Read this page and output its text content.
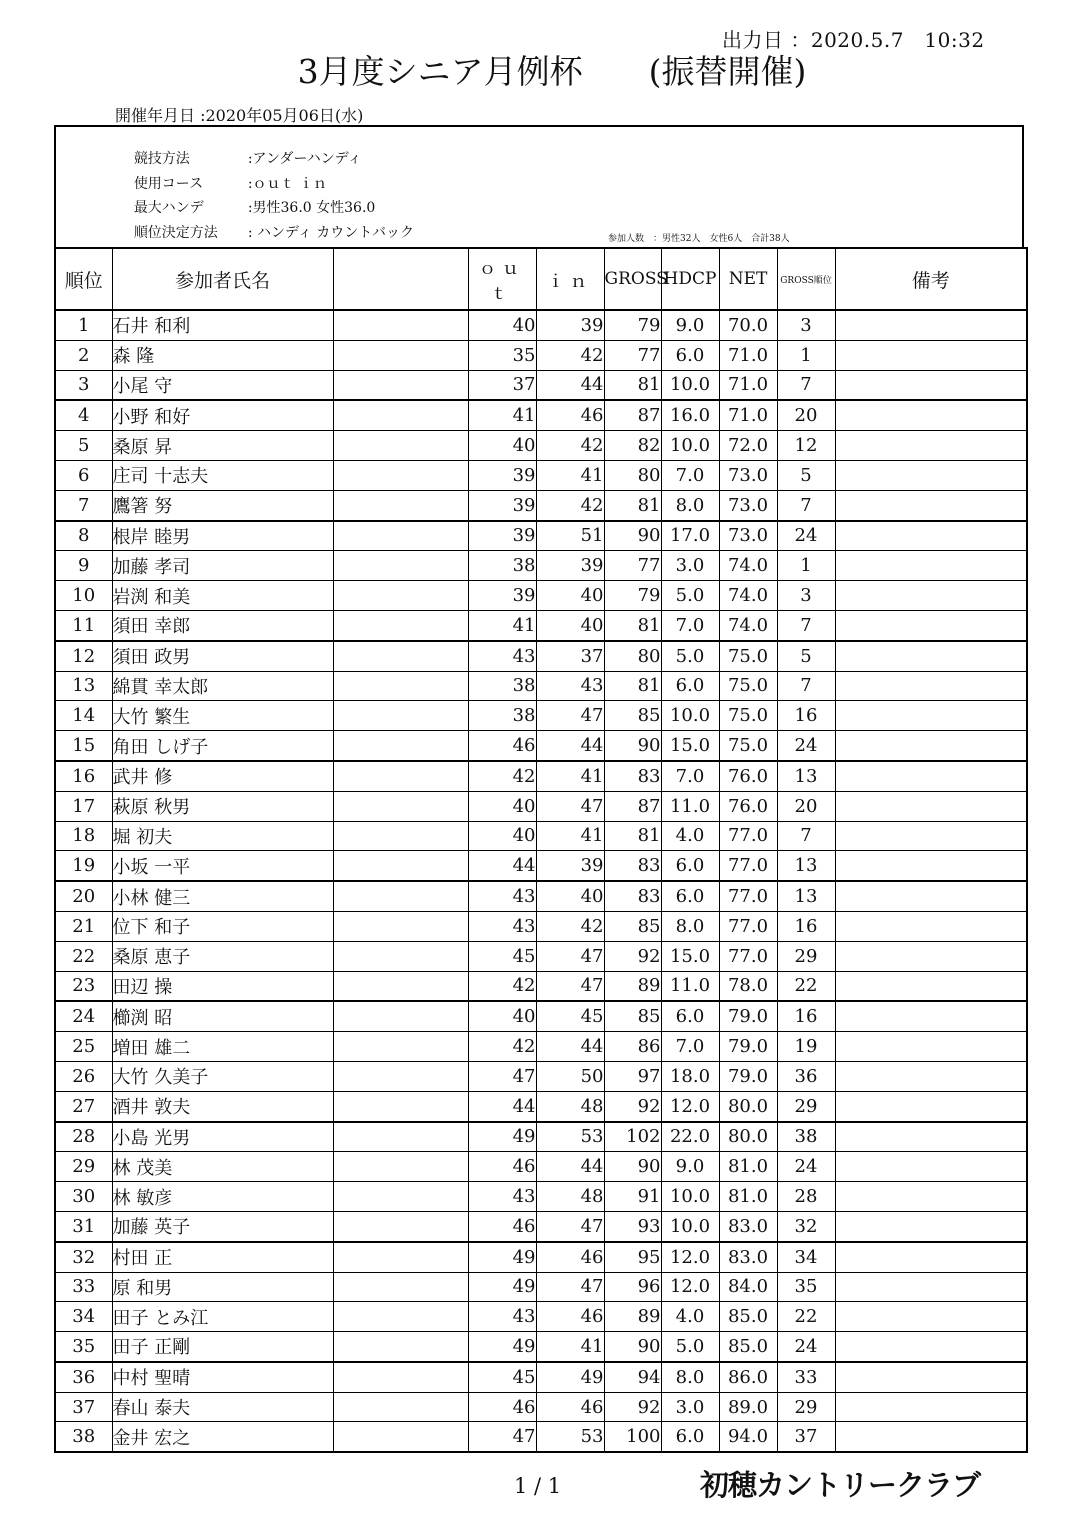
出力日 ：2020.5.7　10:32
3月度シニア月例杯　　(振替開催)
開催年月日 :2020年05月06日(水)

競技方法	:アンダーハンディ

使用コース	:ｏｕｔ ｉｎ

最大ハンデ	:男性36.0 女性36.0

順位決定方法 : ハンディ カウントバック
	参加人数　：男性32人　女性6人　合計38人
順位	参加者氏名		ｏｕｔ	ｉｎ	GROSS	HDCP	NET	GROSS順位	備考
1	石井 和利		40	39	79	9.0	70.0	3	
2	森 隆		35	42	77	6.0	71.0	1	
3	小尾 守		37	44	81	10.0	71.0	7	
4	小野 和好		41	46	87	16.0	71.0	20	
5	桑原 昇		40	42	82	10.0	72.0	12	
6	庄司 十志夫		39	41	80	7.0	73.0	5	
7	鷹箸 努		39	42	81	8.0	73.0	7	
8	根岸 睦男		39	51	90	17.0	73.0	24	
9	加藤 孝司		38	39	77	3.0	74.0	1	
10	岩渕 和美		39	40	79	5.0	74.0	3	
11	須田 幸郎		41	40	81	7.0	74.0	7	
12	須田 政男		43	37	80	5.0	75.0	5	
13	綿貫 幸太郎		38	43	81	6.0	75.0	7	
14	大竹 繁生		38	47	85	10.0	75.0	16	
15	角田 しげ子		46	44	90	15.0	75.0	24	
16	武井 修		42	41	83	7.0	76.0	13	
17	萩原 秋男		40	47	87	11.0	76.0	20	
18	堀 初夫		40	41	81	4.0	77.0	7	
19	小坂 一平		44	39	83	6.0	77.0	13	
20	小林 健三		43	40	83	6.0	77.0	13	
21	位下 和子		43	42	85	8.0	77.0	16	
22	桑原 恵子		45	47	92	15.0	77.0	29	
23	田辺 操		42	47	89	11.0	78.0	22	
24	櫛渕 昭		40	45	85	6.0	79.0	16	
25	増田 雄二		42	44	86	7.0	79.0	19	
26	大竹 久美子		47	50	97	18.0	79.0	36	
27	酒井 敦夫		44	48	92	12.0	80.0	29	
28	小島 光男		49	53	102	22.0	80.0	38	
29	林 茂美		46	44	90	9.0	81.0	24	
30	林 敏彦		43	48	91	10.0	81.0	28	
31	加藤 英子		46	47	93	10.0	83.0	32	
32	村田 正		49	46	95	12.0	83.0	34	
33	原 和男		49	47	96	12.0	84.0	35	
34	田子 とみ江		43	46	89	4.0	85.0	22	
35	田子 正剛		49	41	90	5.0	85.0	24	
36	中村 聖晴		45	49	94	8.0	86.0	33	
37	春山 泰夫		46	46	92	3.0	89.0	29	
38	金井 宏之		47	53	100	6.0	94.0	37	
1 / 1	初穂カントリークラブ
